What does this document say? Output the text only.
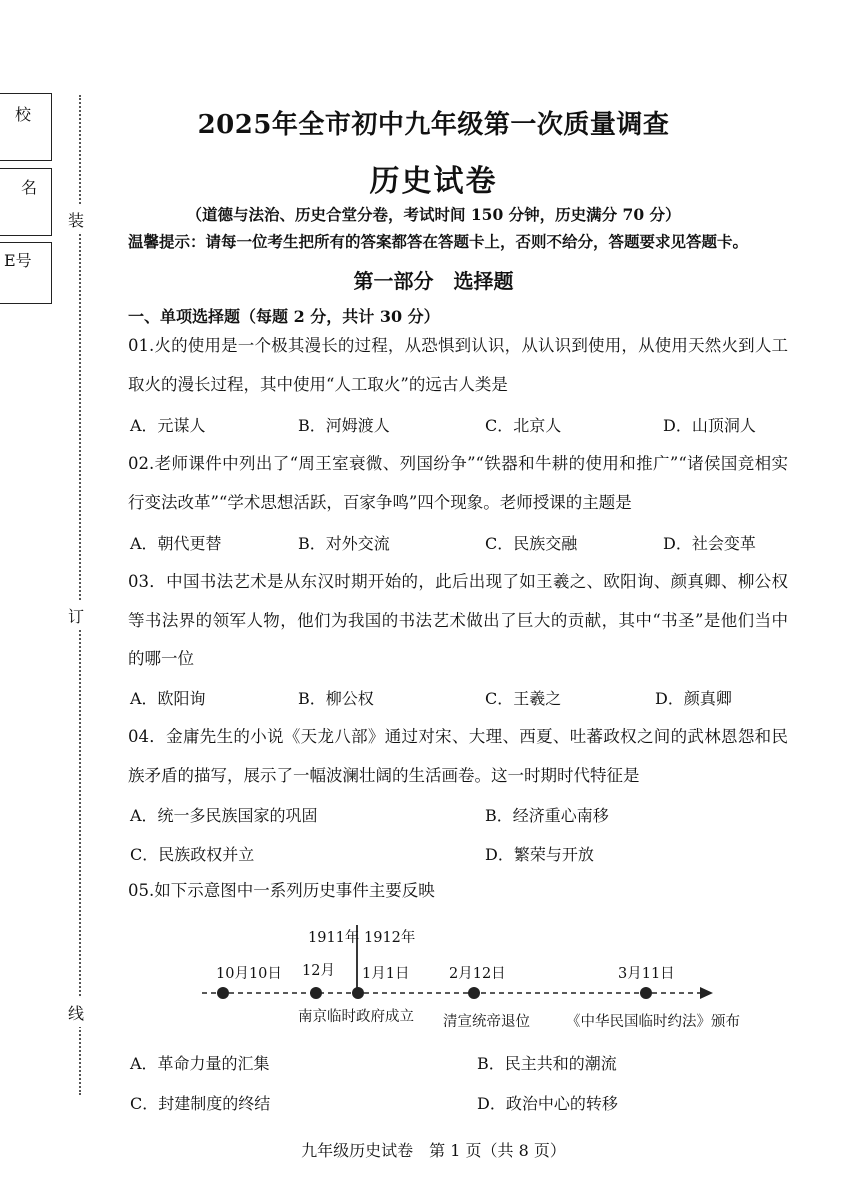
校
名
E号
装
订
线
2025年全市初中九年级第一次质量调查
历史试卷
（道德与法治、历史合堂分卷，考试时间 150 分钟，历史满分 70 分）
温馨提示：请每一位考生把所有的答案都答在答题卡上，否则不给分，答题要求见答题卡。
第一部分　选择题
一、单项选择题（每题 2 分，共计 30 分）
01.火的使用是一个极其漫长的过程，从恐惧到认识，从认识到使用，从使用天然火到人工取火的漫长过程，其中使用“人工取火”的远古人类是
A．元谋人	B．河姆渡人	C．北京人	D．山顶洞人
02.老师课件中列出了“周王室衰微、列国纷争”“铁器和牛耕的使用和推广”“诸侯国竞相实行变法改革”“学术思想活跃，百家争鸣”四个现象。老师授课的主题是
A．朝代更替	B．对外交流	C．民族交融	D．社会变革
03．中国书法艺术是从东汉时期开始的，此后出现了如王羲之、欧阳询、颜真卿、柳公权等书法界的领军人物，他们为我国的书法艺术做出了巨大的贡献，其中“书圣”是他们当中的哪一位
A．欧阳询	B．柳公权	C．王羲之	D．颜真卿
04．金庸先生的小说《天龙八部》通过对宋、大理、西夏、吐蕃政权之间的武林恩怨和民族矛盾的描写，展示了一幅波澜壮阔的生活画卷。这一时期时代特征是
A．统一多民族国家的巩固	B．经济重心南移
C．民族政权并立	D．繁荣与开放
05.如下示意图中一系列历史事件主要反映
1911年 1912年
10月10日 12月 1月1日	2月12日	3月11日
南京临时政府成立 清宣统帝退位 《中华民国临时约法》颁布
A．革命力量的汇集	B．民主共和的潮流
C．封建制度的终结	D．政治中心的转移
九年级历史试卷　第 1 页（共 8 页）
